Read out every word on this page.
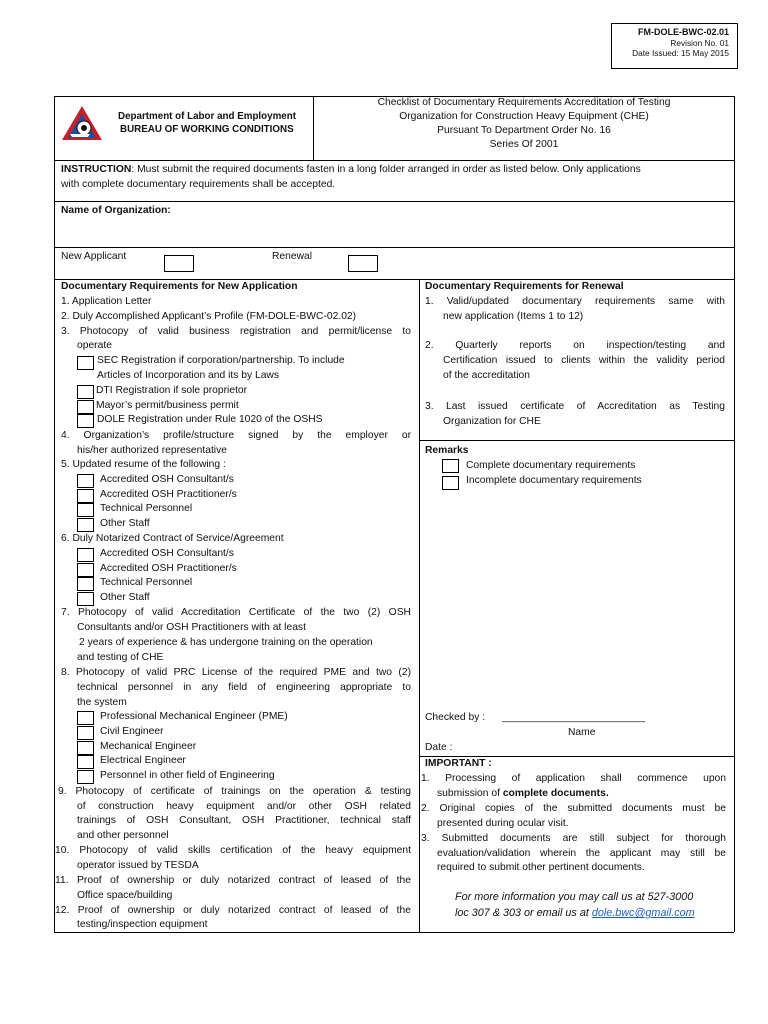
FM-DOLE-BWC-02.01
Revision No. 01
Date Issued: 15 May 2015
Department of Labor and Employment
BUREAU OF WORKING CONDITIONS
Checklist of Documentary Requirements Accreditation of Testing
Organization for Construction Heavy Equipment (CHE)
Pursuant To Department Order No. 16
Series Of 2001
INSTRUCTION: Must submit the required documents fasten in a long folder arranged in order as listed below. Only applications
with complete documentary requirements shall be accepted.
Name of Organization:
New Applicant	Renewal
Documentary Requirements for New Application
1. Application Letter
2. Duly Accomplished Applicant’s Profile (FM-DOLE-BWC-02.02)
3. Photocopy of valid business registration and permit/license to
operate
SEC Registration if corporation/partnership. To include
Articles of Incorporation and its by Laws
DTI Registration if sole proprietor
Mayor’s permit/business permit
DOLE Registration under Rule 1020 of the OSHS
4. Organization’s profile/structure signed by the employer or
his/her authorized representative
5. Updated resume of the following :
Accredited OSH Consultant/s
Accredited OSH Practitioner/s
Technical Personnel
Other Staff
6. Duly Notarized Contract of Service/Agreement
Accredited OSH Consultant/s
Accredited OSH Practitioner/s
Technical Personnel
Other Staff
7. Photocopy of valid Accreditation Certificate of the two (2) OSH
Consultants and/or OSH Practitioners with at least
2 years of experience & has undergone training on the operation
and testing of CHE
8. Photocopy of valid PRC License of the required PME and two (2)
technical personnel in any field of engineering appropriate to
the system
Professional Mechanical Engineer (PME)
Civil Engineer
Mechanical Engineer
Electrical Engineer
Personnel in other field of Engineering
9. Photocopy of certificate of trainings on the operation & testing
of construction heavy equipment and/or other OSH related
trainings of OSH Consultant, OSH Practitioner, technical staff
and other personnel
10. Photocopy of valid skills certification of the heavy equipment
operator issued by TESDA
11. Proof of ownership or duly notarized contract of leased of the
Office space/building
12. Proof of ownership or duly notarized contract of leased of the
testing/inspection equipment
Documentary Requirements for Renewal
1. Valid/updated documentary requirements same with
new application (Items 1 to 12)
2. Quarterly reports on inspection/testing and
Certification issued to clients within the validity period
of the accreditation
3. Last issued certificate of Accreditation as Testing
Organization for CHE
Remarks
Complete documentary requirements
Incomplete documentary requirements
Checked by : _________________________
Name
Date :
IMPORTANT :
1. Processing of application shall commence upon
submission of complete documents.
2. Original copies of the submitted documents must be
presented during ocular visit.
3. Submitted documents are still subject for thorough
evaluation/validation wherein the applicant may still be
required to submit other pertinent documents.
For more information you may call us at 527-3000
loc 307 & 303 or email us at dole.bwc@gmail.com
